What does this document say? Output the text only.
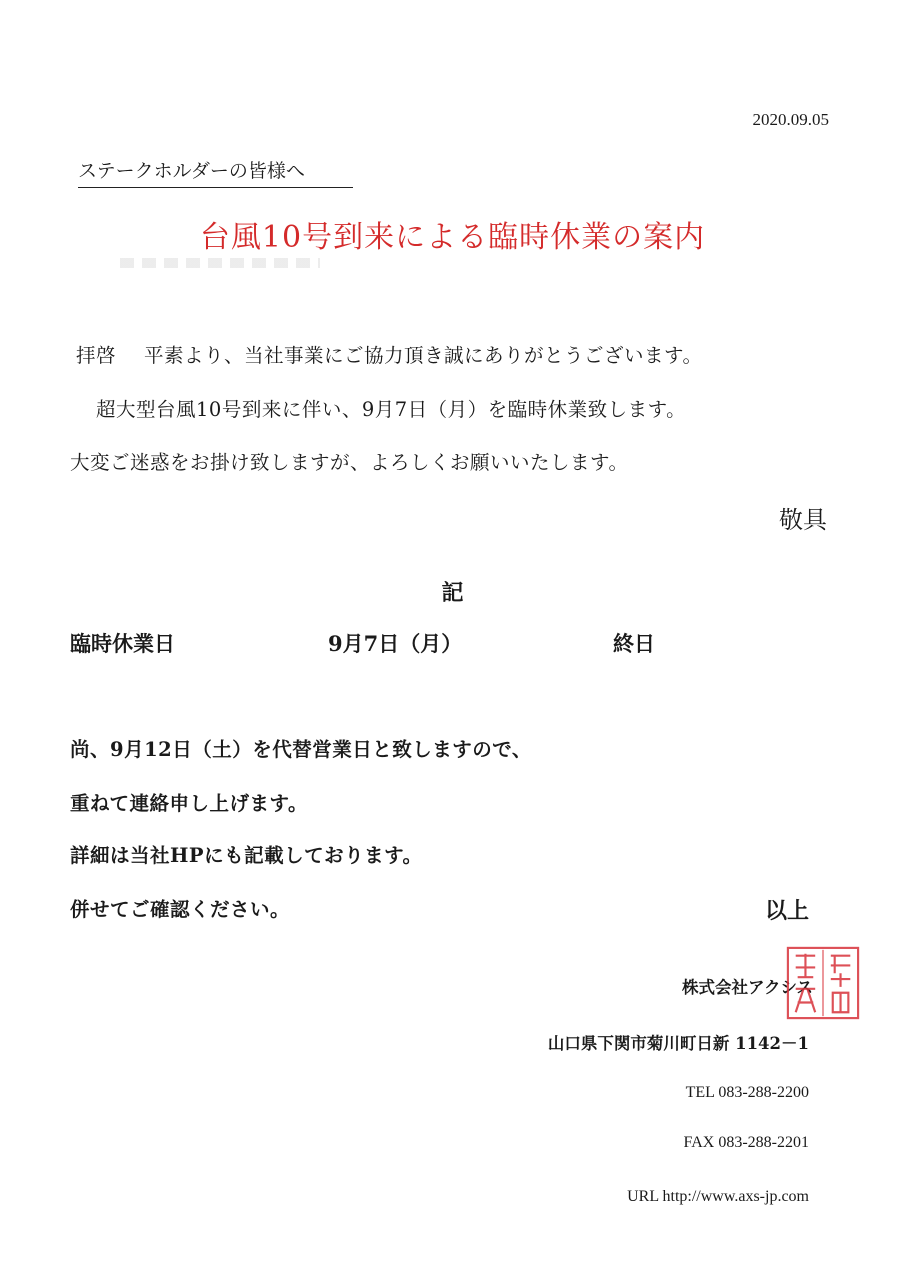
2020.09.05
ステークホルダーの皆様へ
台風10号到来による臨時休業の案内
拝啓 平素より、当社事業にご協力頂き誠にありがとうございます。
超大型台風10号到来に伴い、9月7日（月）を臨時休業致します。
大変ご迷惑をお掛け致しますが、よろしくお願いいたします。
敬具
記
臨時休業日	9月7日（月）	終日
尚、9月12日（土）を代替営業日と致しますので、
重ねて連絡申し上げます。
詳細は当社HPにも記載しております。
併せてご確認ください。	以上
株式会社アクシス
山口県下関市菊川町日新 1142－1
TEL 083-288-2200
FAX 083-288-2201
URL http://www.axs-jp.com
